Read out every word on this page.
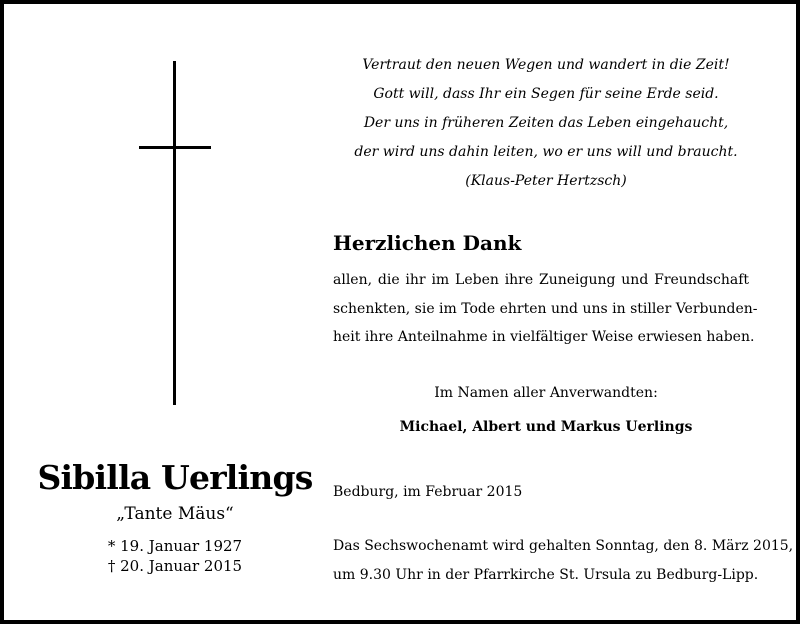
Vertraut den neuen Wegen und wandert in die Zeit!
Gott will, dass Ihr ein Segen für seine Erde seid.
Der uns in früheren Zeiten das Leben eingehaucht,
der wird uns dahin leiten, wo er uns will und braucht.
(Klaus-Peter Hertzsch)
Herzlichen Dank
allen, die ihr im Leben ihre Zuneigung und Freundschaft
schenkten, sie im Tode ehrten und uns in stiller Verbunden-
heit ihre Anteilnahme in vielfältiger Weise erwiesen haben.
Im Namen aller Anverwandten:
Michael, Albert und Markus Uerlings
Sibilla Uerlings
„Tante Mäus“
* 19. Januar 1927
† 20. Januar 2015
Bedburg, im Februar 2015
Das Sechswochenamt wird gehalten Sonntag, den 8. März 2015,
um 9.30 Uhr in der Pfarrkirche St. Ursula zu Bedburg-Lipp.
